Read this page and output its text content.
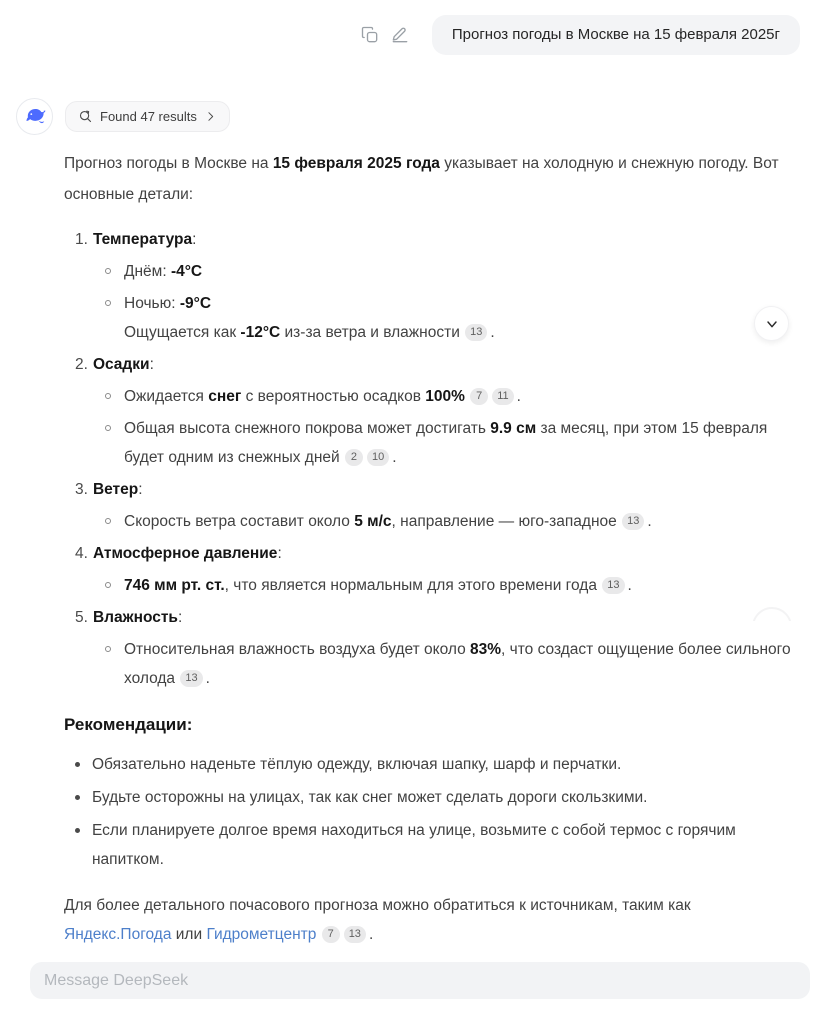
Прогноз погоды в Москве на 15 февраля 2025г
Found 47 results

Прогноз погоды в Москве на 15 февраля 2025 года указывает на холодную и снежную погоду. Вот основные детали:

1. Температура:
Днём: -4°C
Ночью: -9°C
Ощущается как -12°C из-за ветра и влажности 13 .
2. Осадки:
Ожидается снег с вероятностью осадков 100% 7 11 .
Общая высота снежного покрова может достигать 9.9 см за месяц, при этом 15 февраля будет одним из снежных дней 2 10 .
3. Ветер:
Скорость ветра составит около 5 м/с, направление — юго-западное 13 .
4. Атмосферное давление:
746 мм рт. ст., что является нормальным для этого времени года 13 .
5. Влажность:
Относительная влажность воздуха будет около 83%, что создаст ощущение более сильного холода 13 .
Рекомендации:
Обязательно наденьте тёплую одежду, включая шапку, шарф и перчатки.
Будьте осторожны на улицах, так как снег может сделать дороги скользкими.
Если планируете долгое время находиться на улице, возьмите с собой термос с горячим напитком.

Для более детального почасового прогноза можно обратиться к источникам, таким как Яндекс.Погода или Гидрометцентр 7 13 .

Message DeepSeek
